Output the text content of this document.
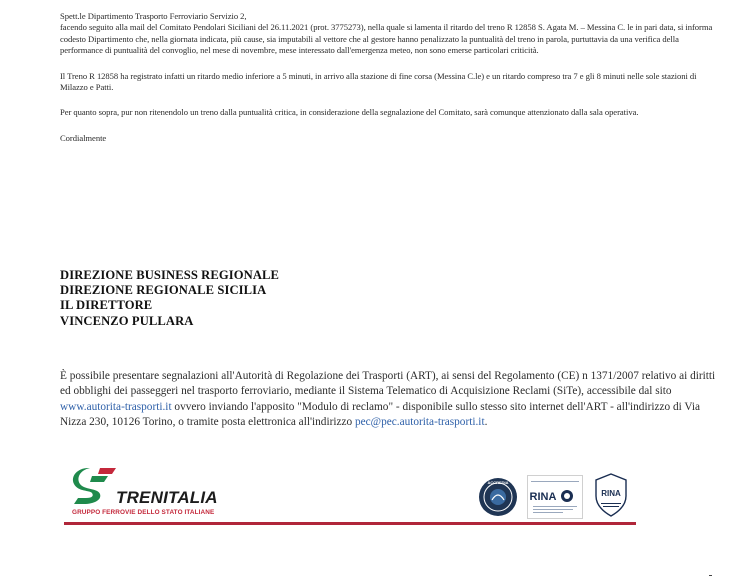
Spett.le Dipartimento Trasporto Ferroviario Servizio 2,

facendo seguito alla mail del Comitato Pendolari Siciliani del 26.11.2021 (prot. 3775273), nella quale si lamenta il ritardo del treno R 12858 S. Agata M. – Messina C. le in pari data, si informa codesto Dipartimento che, nella giornata indicata, più cause, sia imputabili al vettore che al gestore hanno penalizzato la puntualità del treno in parola, purtuttavia da una verifica della performance di puntualità del convoglio, nel mese di novembre, mese interessato dall'emergenza meteo, non sono emerse particolari criticità.

Il Treno R 12858 ha registrato infatti un ritardo medio inferiore a 5 minuti, in arrivo alla stazione di fine corsa (Messina C.le) e un ritardo compreso tra 7 e gli 8 minuti nelle sole stazioni di Milazzo e Patti.

Per quanto sopra, pur non ritenendolo un treno dalla puntualità critica, in considerazione della segnalazione del Comitato, sarà comunque attenzionato dalla sala operativa.

Cordialmente

DIREZIONE BUSINESS REGIONALE
DIREZIONE REGIONALE SICILIA
IL DIRETTORE
VINCENZO PULLARA
È possibile presentare segnalazioni all'Autorità di Regolazione dei Trasporti (ART), ai sensi del Regolamento (CE) n 1371/2007 relativo ai diritti ed obblighi dei passeggeri nel trasporto ferroviario, mediante il Sistema Telematico di Acquisizione Reclami (SiTe), accessibile dal sito www.autorita-trasporti.it ovvero inviando l'apposito "Modulo di reclamo" - disponibile sullo stesso sito internet dell'ART - all'indirizzo di Via Nizza 230, 10126 Torino, o tramite posta elettronica all'indirizzo pec@pec.autorita-trasporti.it.
TRENITALIA
GRUPPO FERROVIE DELLO STATO ITALIANE
ACCREDIA
RINA	RINA
